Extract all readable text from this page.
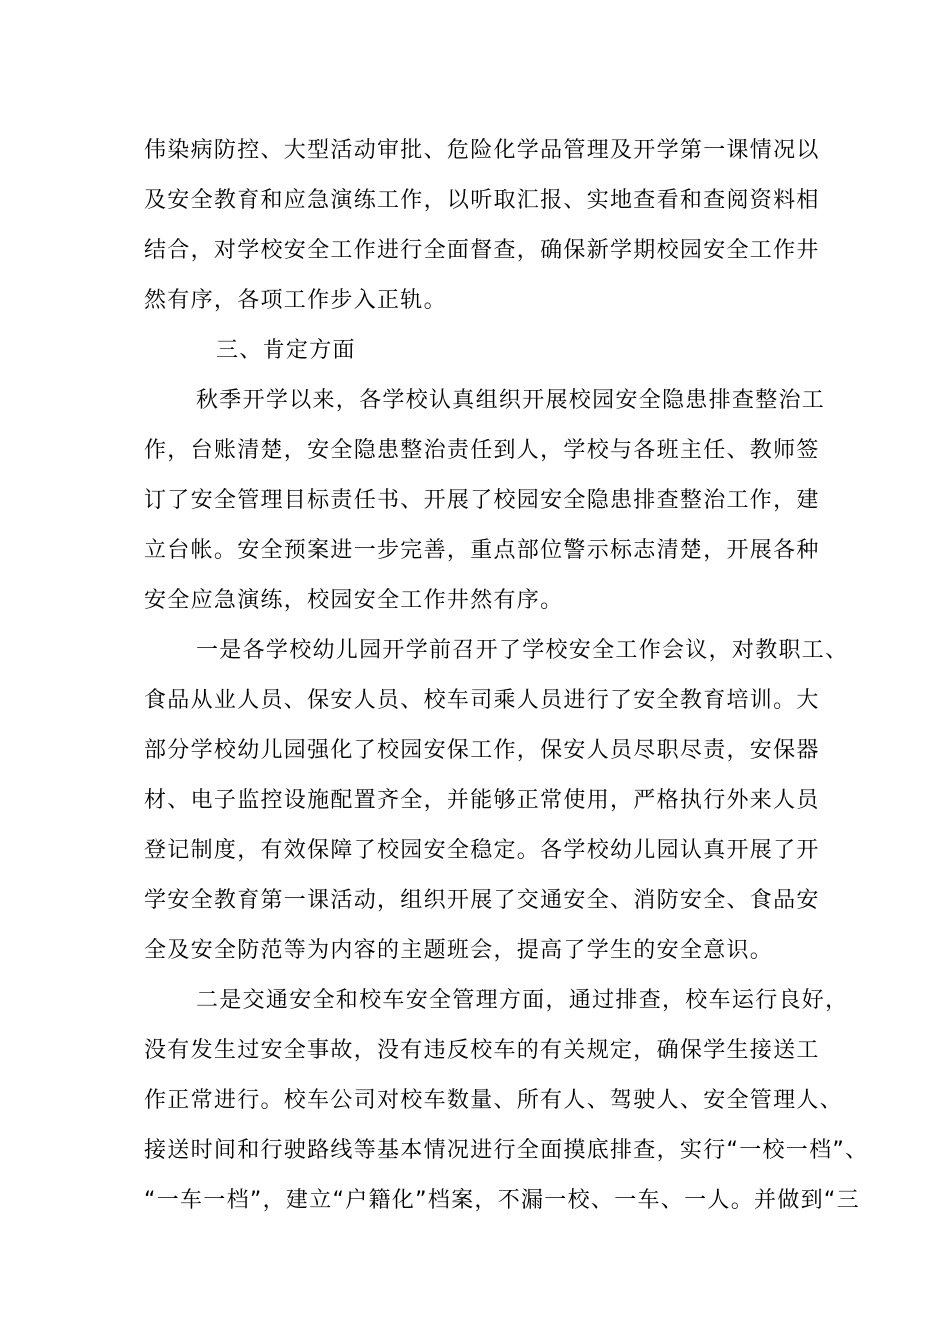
伟染病防控、大型活动审批、危险化学品管理及开学第一课情况以
及安全教育和应急演练工作，以听取汇报、实地查看和查阅资料相
结合，对学校安全工作进行全面督查，确保新学期校园安全工作井
然有序，各项工作步入正轨。
三、肯定方面
秋季开学以来，各学校认真组织开展校园安全隐患排查整治工
作，台账清楚，安全隐患整治责任到人，学校与各班主任、教师签
订了安全管理目标责任书、开展了校园安全隐患排查整治工作，建
立台帐。安全预案进一步完善，重点部位警示标志清楚，开展各种
安全应急演练，校园安全工作井然有序。
一是各学校幼儿园开学前召开了学校安全工作会议，对教职工、
食品从业人员、保安人员、校车司乘人员进行了安全教育培训。大
部分学校幼儿园强化了校园安保工作，保安人员尽职尽责，安保器
材、电子监控设施配置齐全，并能够正常使用，严格执行外来人员
登记制度，有效保障了校园安全稳定。各学校幼儿园认真开展了开
学安全教育第一课活动，组织开展了交通安全、消防安全、食品安
全及安全防范等为内容的主题班会，提高了学生的安全意识。
二是交通安全和校车安全管理方面，通过排查，校车运行良好，
没有发生过安全事故，没有违反校车的有关规定，确保学生接送工
作正常进行。校车公司对校车数量、所有人、驾驶人、安全管理人、
接送时间和行驶路线等基本情况进行全面摸底排查，实行“一校一档”、
“一车一档”，建立“户籍化”档案，不漏一校、一车、一人。并做到“三
